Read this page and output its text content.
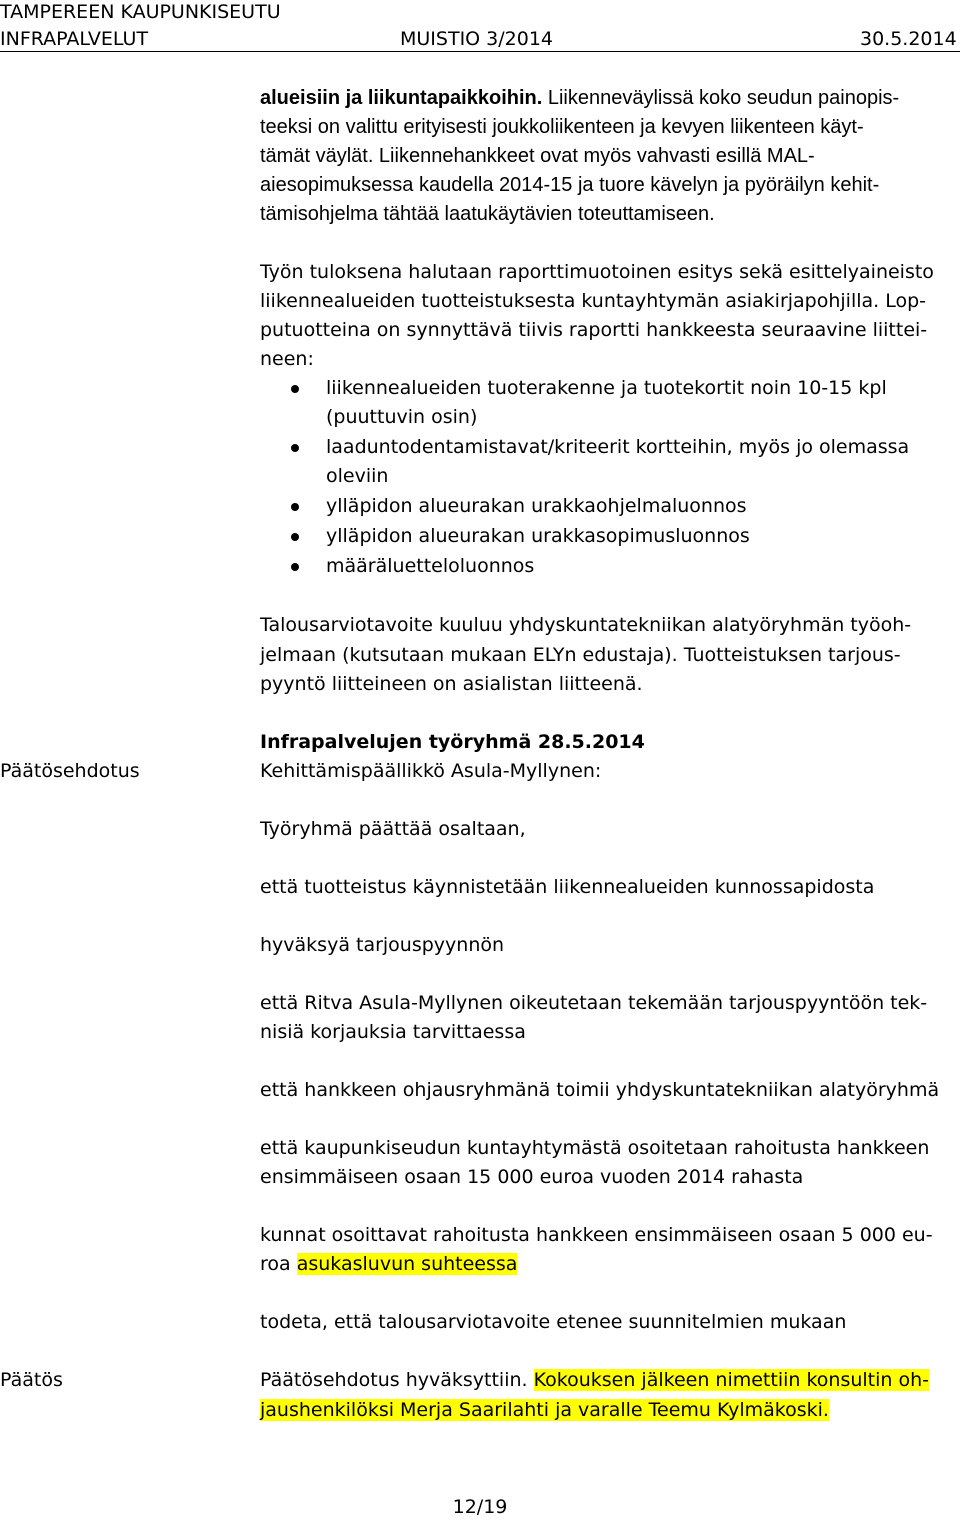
TAMPEREEN KAUPUNKISEUTU
INFRAPALVELUT	MUISTIO 3/2014	30.5.2014
alueisiin ja liikuntapaikkoihin. Liikenneväylissä koko seudun painopis-
teeksi on valittu erityisesti joukkoliikenteen ja kevyen liikenteen käyt-
tämät väylät. Liikennehankkeet ovat myös vahvasti esillä MAL-
aiesopimuksessa kaudella 2014-15 ja tuore kävelyn ja pyöräilyn kehit-
tämisohjelma tähtää laatukäytävien toteuttamiseen.
Työn tuloksena halutaan raporttimuotoinen esitys sekä esittelyaineisto
liikennealueiden tuotteistuksesta kuntayhtymän asiakirjapohjilla. Lop-
putuotteina on synnyttävä tiivis raportti hankkeesta seuraavine liittei-
neen:
liikennealueiden tuoterakenne ja tuotekortit noin 10-15 kpl
(puuttuvin osin)
laaduntodentamistavat/kriteerit kortteihin, myös jo olemassa
oleviin
ylläpidon alueurakan urakkaohjelmaluonnos
ylläpidon alueurakan urakkasopimusluonnos
määräluetteloluonnos
Talousarviotavoite kuuluu yhdyskuntatekniikan alatyöryhmän työoh-
jelmaan (kutsutaan mukaan ELYn edustaja). Tuotteistuksen tarjous-
pyyntö liitteineen on asialistan liitteenä.
Infrapalvelujen työryhmä 28.5.2014
Päätösehdotus	Kehittämispäällikkö Asula-Myllynen:
Työryhmä päättää osaltaan,
että tuotteistus käynnistetään liikennealueiden kunnossapidosta
hyväksyä tarjouspyynnön
että Ritva Asula-Myllynen oikeutetaan tekemään tarjouspyyntöön tek-
nisiä korjauksia tarvittaessa
että hankkeen ohjausryhmänä toimii yhdyskuntatekniikan alatyöryhmä
että kaupunkiseudun kuntayhtymästä osoitetaan rahoitusta hankkeen
ensimmäiseen osaan 15 000 euroa vuoden 2014 rahasta
kunnat osoittavat rahoitusta hankkeen ensimmäiseen osaan 5 000 eu-
roa asukasluvun suhteessa
todeta, että talousarviotavoite etenee suunnitelmien mukaan
Päätös	Päätösehdotus hyväksyttiin. Kokouksen jälkeen nimettiin konsultin oh-
jaushenkilöksi Merja Saarilahti ja varalle Teemu Kylmäkoski.
12/19
